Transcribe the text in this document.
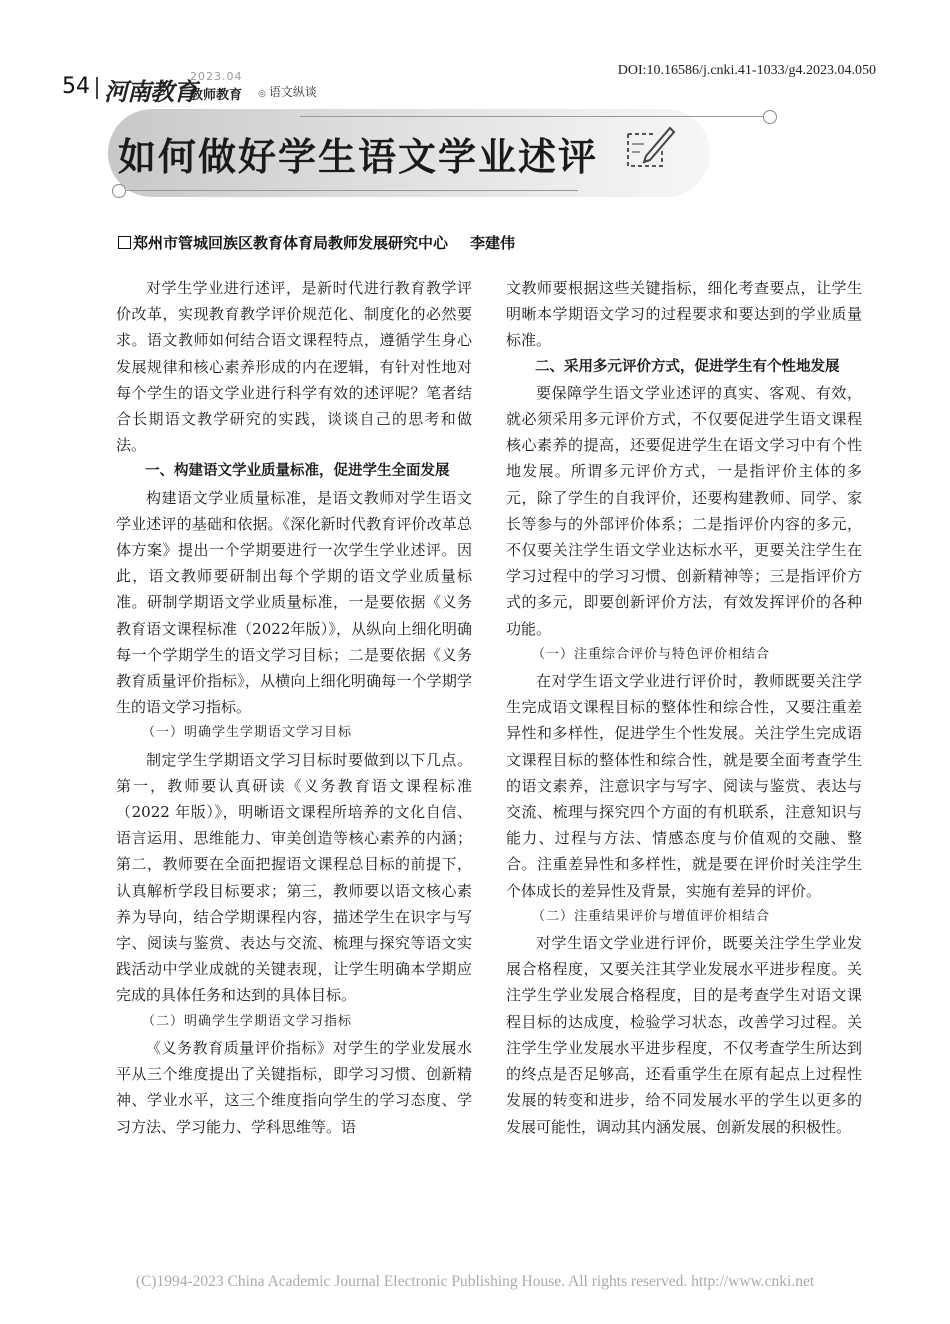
54 河南教育
2023.04
教师教育 ◎ 语文纵谈
DOI:10.16586/j.cnki.41-1033/g4.2023.04.050
如何做好学生语文学业述评
郑州市管城回族区教育体育局教师发展研究中心 李建伟

对学生学业进行述评，是新时代进行教育教学评价改革，实现教育教学评价规范化、制度化的必然要求。语文教师如何结合语文课程特点，遵循学生身心发展规律和核心素养形成的内在逻辑，有针对性地对每个学生的语文学业进行科学有效的述评呢？笔者结合长期语文教学研究的实践，谈谈自己的思考和做法。

一、构建语文学业质量标准，促进学生全面发展

构建语文学业质量标准，是语文教师对学生语文学业述评的基础和依据。《深化新时代教育评价改革总体方案》提出一个学期要进行一次学生学业述评。因此，语文教师要研制出每个学期的语文学业质量标准。研制学期语文学业质量标准，一是要依据《义务教育语文课程标准（2022年版）》，从纵向上细化明确每一个学期学生的语文学习目标；二是要依据《义务教育质量评价指标》，从横向上细化明确每一个学期学生的语文学习指标。

（一）明确学生学期语文学习目标

制定学生学期语文学习目标时要做到以下几点。第一，教师要认真研读《义务教育语文课程标准（2022 年版）》，明晰语文课程所培养的文化自信、语言运用、思维能力、审美创造等核心素养的内涵；第二，教师要在全面把握语文课程总目标的前提下，认真解析学段目标要求；第三，教师要以语文核心素养为导向，结合学期课程内容，描述学生在识字与写字、阅读与鉴赏、表达与交流、梳理与探究等语文实践活动中学业成就的关键表现，让学生明确本学期应完成的具体任务和达到的具体目标。

（二）明确学生学期语文学习指标

《义务教育质量评价指标》对学生的学业发展水平从三个维度提出了关键指标，即学习习惯、创新精神、学业水平，这三个维度指向学生的学习态度、学习方法、学习能力、学科思维等。语

文教师要根据这些关键指标，细化考查要点，让学生明晰本学期语文学习的过程要求和要达到的学业质量标准。

二、采用多元评价方式，促进学生有个性地发展

要保障学生语文学业述评的真实、客观、有效，就必须采用多元评价方式，不仅要促进学生语文课程核心素养的提高，还要促进学生在语文学习中有个性地发展。所谓多元评价方式，一是指评价主体的多元，除了学生的自我评价，还要构建教师、同学、家长等参与的外部评价体系；二是指评价内容的多元，不仅要关注学生语文学业达标水平，更要关注学生在学习过程中的学习习惯、创新精神等；三是指评价方式的多元，即要创新评价方法，有效发挥评价的各种功能。

（一）注重综合评价与特色评价相结合

在对学生语文学业进行评价时，教师既要关注学生完成语文课程目标的整体性和综合性，又要注重差异性和多样性，促进学生个性发展。关注学生完成语文课程目标的整体性和综合性，就是要全面考查学生的语文素养，注意识字与写字、阅读与鉴赏、表达与交流、梳理与探究四个方面的有机联系，注意知识与能力、过程与方法、情感态度与价值观的交融、整合。注重差异性和多样性，就是要在评价时关注学生个体成长的差异性及背景，实施有差异的评价。

（二）注重结果评价与增值评价相结合

对学生语文学业进行评价，既要关注学生学业发展合格程度，又要关注其学业发展水平进步程度。关注学生学业发展合格程度，目的是考查学生对语文课程目标的达成度，检验学习状态，改善学习过程。关注学生学业发展水平进步程度，不仅考查学生所达到的终点是否足够高，还看重学生在原有起点上过程性发展的转变和进步，给不同发展水平的学生以更多的发展可能性，调动其内涵发展、创新发展的积极性。

(C)1994-2023 China Academic Journal Electronic Publishing House. All rights reserved. http://www.cnki.net
